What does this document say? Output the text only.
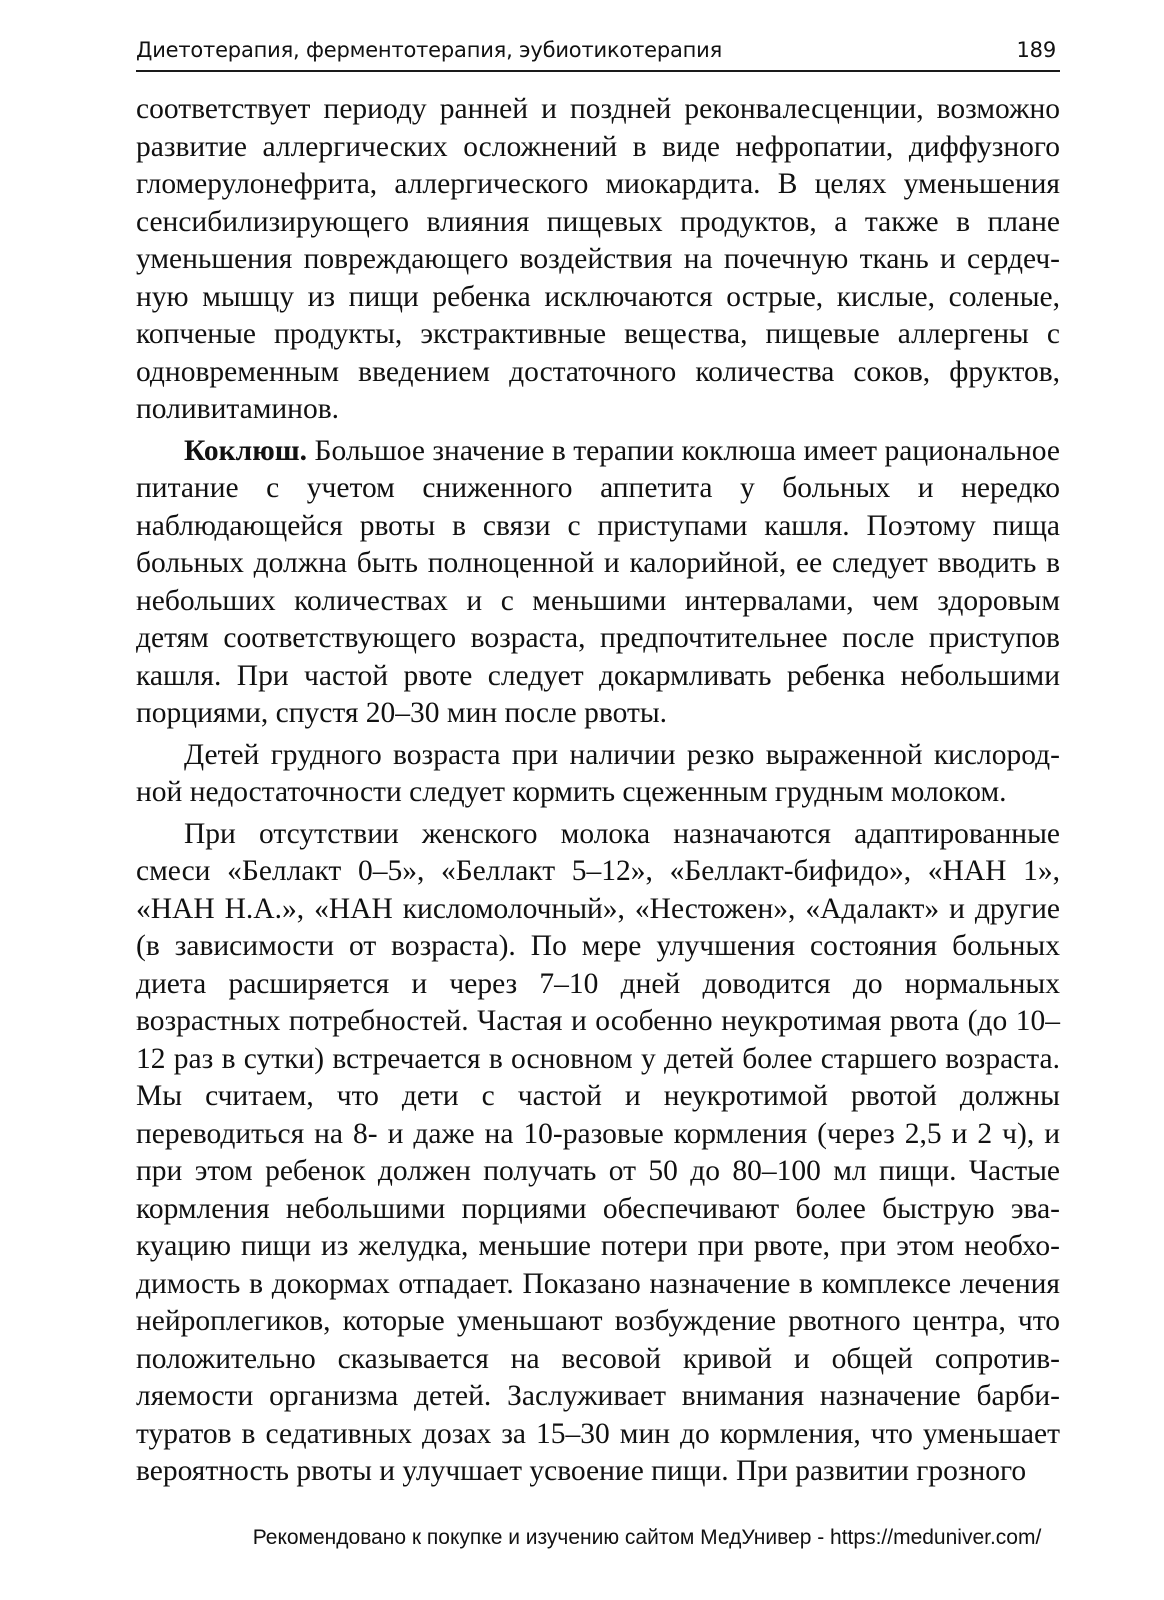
Диетотерапия, ферментотерапия, эубиотикотерапия	189

соответствует периоду ранней и поздней реконвалесценции, возможно развитие аллергических осложнений в виде нефропатии, диффузного гломерулонефрита, аллергического миокардита. В целях уменьшения сенсибилизирующего влияния пищевых продуктов, а также в плане уменьшения повреждающего воздействия на почечную ткань и сердечную мышцу из пищи ребенка исключаются острые, кислые, соленые, копченые продукты, экстрактивные вещества, пищевые аллергены с одновременным введением достаточного количества соков, фруктов, поливитаминов.

Коклюш. Большое значение в терапии коклюша имеет рациональное питание с учетом сниженного аппетита у больных и нередко наблюдающейся рвоты в связи с приступами кашля. Поэтому пища больных должна быть полноценной и калорийной, ее следует вводить в небольших количествах и с меньшими интервалами, чем здоровым детям соответствующего возраста, предпочтительнее после приступов кашля. При частой рвоте следует докармливать ребенка небольшими порциями, спустя 20–30 мин после рвоты.

Детей грудного возраста при наличии резко выраженной кислородной недостаточности следует кормить сцеженным грудным молоком.

При отсутствии женского молока назначаются адаптированные смеси «Беллакт 0–5», «Беллакт 5–12», «Беллакт-бифидо», «НАН 1», «НАН Н.А.», «НАН кисломолочный», «Нестожен», «Адалакт» и другие (в зависимости от возраста). По мере улучшения состояния больных диета расширяется и через 7–10 дней доводится до нормальных возрастных потребностей. Частая и особенно неукротимая рвота (до 10–12 раз в сутки) встречается в основном у детей более старшего возраста. Мы считаем, что дети с частой и неукротимой рвотой должны переводиться на 8- и даже на 10-разовые кормления (через 2,5 и 2 ч), и при этом ребенок должен получать от 50 до 80–100 мл пищи. Частые кормления небольшими порциями обеспечивают более быструю эвакуацию пищи из желудка, меньшие потери при рвоте, при этом необходимость в докормах отпадает. Показано назначение в комплексе лечения нейроплегиков, которые уменьшают возбуждение рвотного центра, что положительно сказывается на весовой кривой и общей сопротивляемости организма детей. Заслуживает внимания назначение барбитуратов в седативных дозах за 15–30 мин до кормления, что уменьшает вероятность рвоты и улучшает усвоение пищи. При развитии грозного

Рекомендовано к покупке и изучению сайтом МедУнивер - https://meduniver.com/
